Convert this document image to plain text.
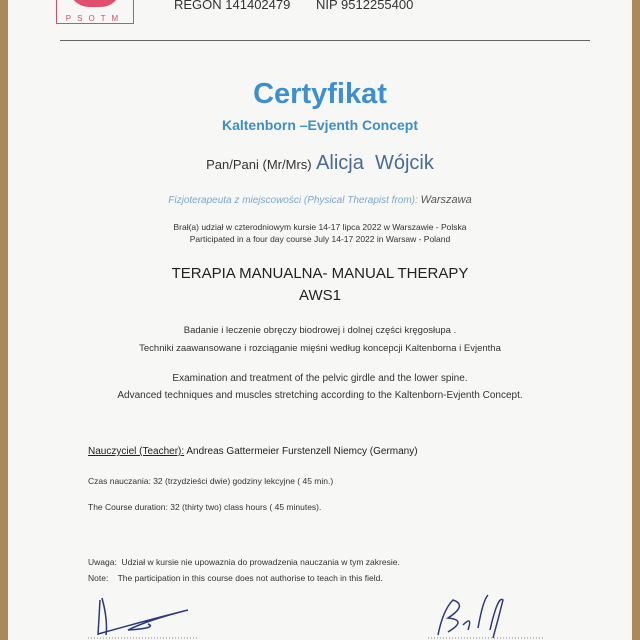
PSOTM
REGON 141402479 NIP 9512255400
Certyfikat
Kaltenborn –Evjenth Concept
Pan/Pani (Mr/Mrs) Alicja  Wójcik
Fizjoterapeuta z miejscowości (Physical Therapist from): Warszawa
Brał(a) udział w czterodniowym kursie 14-17 lipca 2022 w Warszawie - Polska
Participated in a four day course July 14-17 2022 in Warsaw - Poland
TERAPIA MANUALNA- MANUAL THERAPY
AWS1
Badanie i leczenie obręczy biodrowej i dolnej części kręgosłupa .
Techniki zaawansowane i rozciąganie mięśni według koncepcji Kaltenborna i Evjentha
Examination and treatment of the pelvic girdle and the lower spine.
Advanced techniques and muscles stretching according to the Kaltenborn-Evjenth Concept.
Nauczyciel (Teacher): Andreas Gattermeier Furstenzell Niemcy (Germany)
Czas nauczania: 32 (trzydzieści dwie) godziny lekcyjne ( 45 min.)
The Course duration: 32 (thirty two) class hours ( 45 minutes).
Uwaga:  Udział w kursie nie upowaznia do prowadzenia nauczania w tym zakresie.
Note:    The participation in this course does not authorise to teach in this field.
